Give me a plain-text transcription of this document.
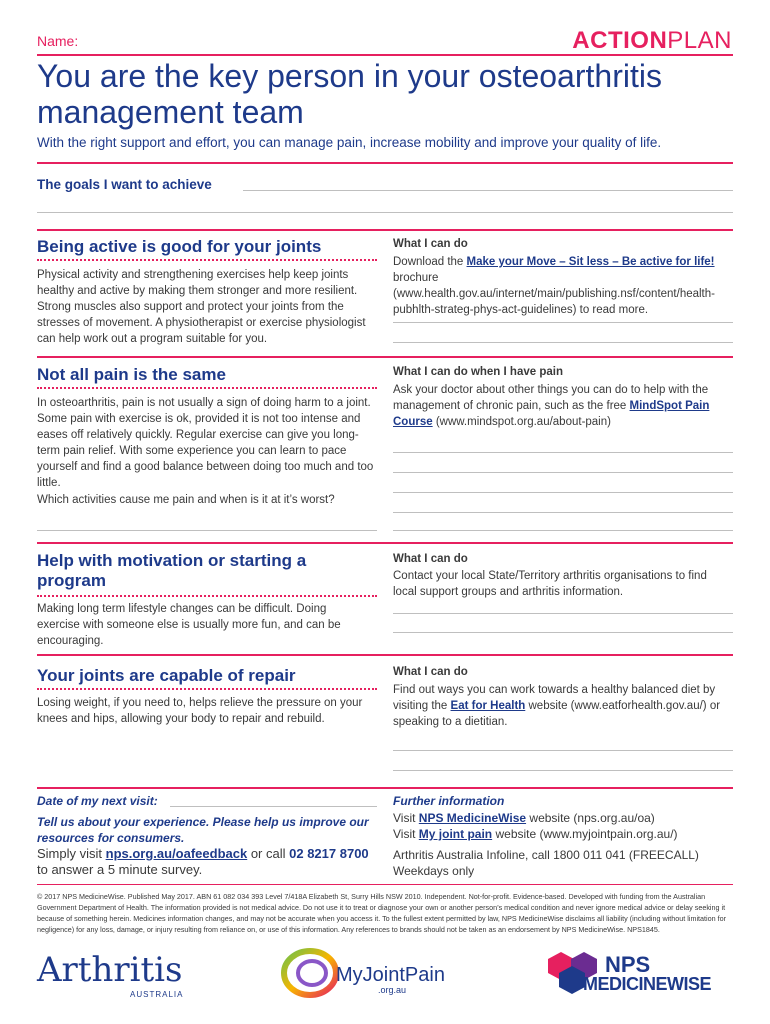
Name:	ACTIONPLAN
You are the key person in your osteoarthritis management team
With the right support and effort, you can manage pain, increase mobility and improve your quality of life.
The goals I want to achieve
Being active is good for your joints
Physical activity and strengthening exercises help keep joints healthy and active by making them stronger and more resilient. Strong muscles also support and protect your joints from the stresses of movement. A physiotherapist or exercise physiologist can help work out a program suitable for you.
What I can do
Download the Make your Move – Sit less – Be active for life! brochure (www.health.gov.au/internet/main/publishing.nsf/content/health-pubhlth-strateg-phys-act-guidelines) to read more.
Not all pain is the same
In osteoarthritis, pain is not usually a sign of doing harm to a joint. Some pain with exercise is ok, provided it is not too intense and eases off relatively quickly. Regular exercise can give you long-term pain relief. With some experience you can learn to pace yourself and find a good balance between doing too much and too little.
Which activities cause me pain and when is it at it’s worst?
What I can do when I have pain
Ask your doctor about other things you can do to help with the management of chronic pain, such as the free MindSpot Pain Course (www.mindspot.org.au/about-pain)
Help with motivation or starting a program
Making long term lifestyle changes can be difficult. Doing exercise with someone else is usually more fun, and can be encouraging.
What I can do
Contact your local State/Territory arthritis organisations to find local support groups and arthritis information.
Your joints are capable of repair
Losing weight, if you need to, helps relieve the pressure on your knees and hips, allowing your body to repair and rebuild.
What I can do
Find out ways you can work towards a healthy balanced diet by visiting the Eat for Health website (www.eatforhealth.gov.au/) or speaking to a dietitian.
Date of my next visit:
Tell us about your experience. Please help us improve our resources for consumers.
Simply visit nps.org.au/oafeedback or call 02 8217 8700 to answer a 5 minute survey.
Further information
Visit NPS MedicineWise website (nps.org.au/oa)
Visit My joint pain website (www.myjointpain.org.au/)
Arthritis Australia Infoline, call 1800 011 041 (FREECALL)
Weekdays only
© 2017 NPS MedicineWise. Published May 2017. ABN 61 082 034 393 Level 7/418A Elizabeth St, Surry Hills NSW 2010. Independent. Not-for-profit. Evidence-based. Developed with funding from the Australian Government Department of Health. The information provided is not medical advice. Do not use it to treat or diagnose your own or another person’s medical condition and never ignore medical advice or delay seeking it because of something herein. Medicines information changes, and may not be accurate when you access it. To the fullest extent permitted by law, NPS MedicineWise disclaims all liability (including without limitation for negligence) for any loss, damage, or injury resulting from reliance on, or use of this information. Any references to brands should not be taken as an endorsement by NPS MedicineWise. NPS1845.
Arthritis
AUSTRALIA
MyJointPain
.org.au
NPS
MEDICINEWISE
